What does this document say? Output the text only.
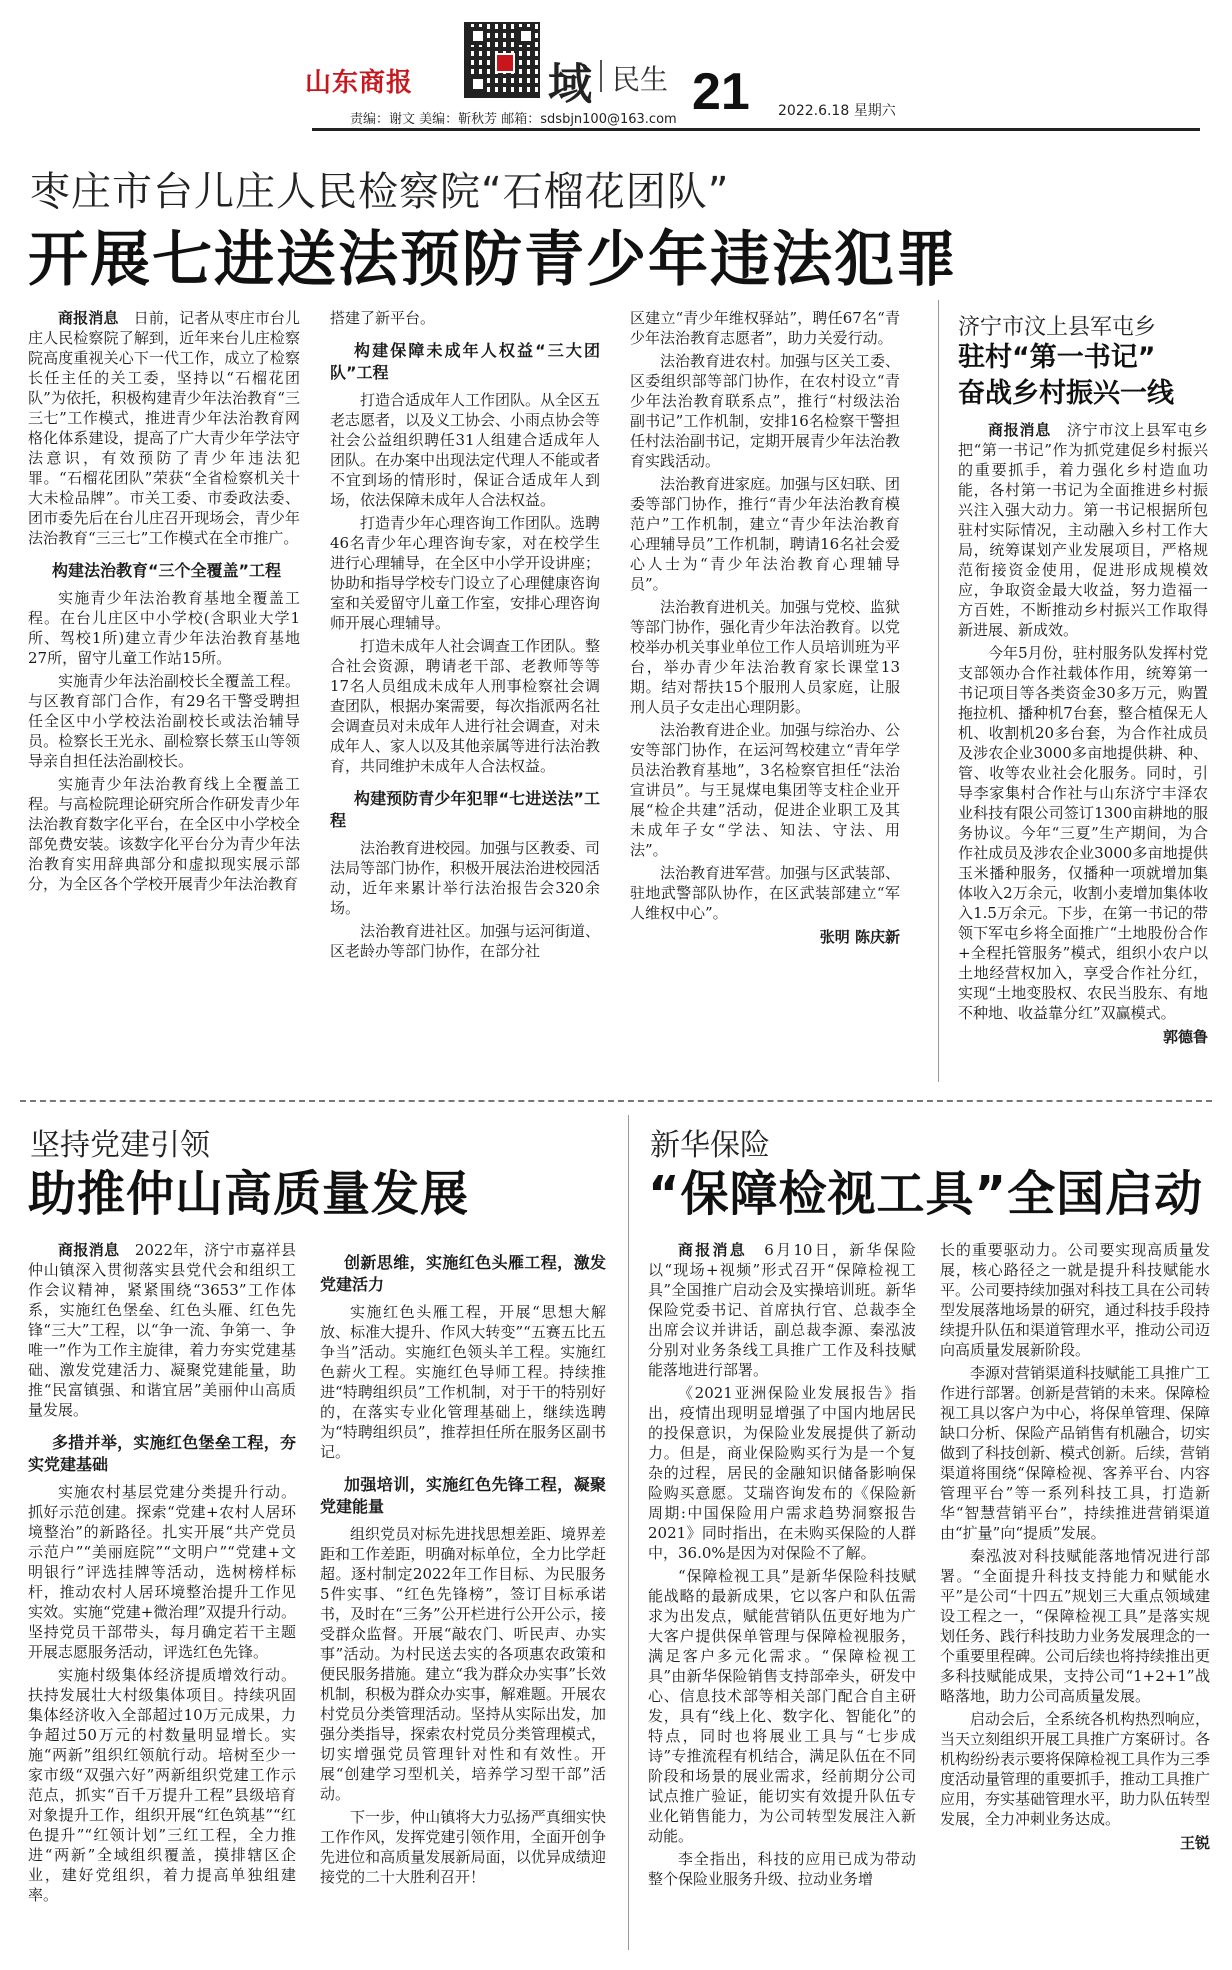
山东商报	域 民生 21 2022.6.18 星期六
责编：谢文 美编：靳秋芳 邮箱：sdsbjn100@163.com
枣庄市台儿庄人民检察院“石榴花团队”
开展七进送法预防青少年违法犯罪

商报消息　日前，记者从枣庄市台儿庄人民检察院了解到，近年来台儿庄检察院高度重视关心下一代工作，成立了检察长任主任的关工委，坚持以“石榴花团队”为依托，积极构建青少年法治教育“三三七”工作模式，推进青少年法治教育网格化体系建设，提高了广大青少年学法守法意识，有效预防了青少年违法犯罪。“石榴花团队”荣获“全省检察机关十大未检品牌”。市关工委、市委政法委、团市委先后在台儿庄召开现场会，青少年法治教育“三三七”工作模式在全市推广。

构建法治教育“三个全覆盖”工程

实施青少年法治教育基地全覆盖工程。在台儿庄区中小学校(含职业大学1所、驾校1所)建立青少年法治教育基地27所，留守儿童工作站15所。

实施青少年法治副校长全覆盖工程。与区教育部门合作，有29名干警受聘担任全区中小学校法治副校长或法治辅导员。检察长王光永、副检察长蔡玉山等领导亲自担任法治副校长。

实施青少年法治教育线上全覆盖工程。与高检院理论研究所合作研发青少年法治教育数字化平台，在全区中小学校全部免费安装。该数字化平台分为青少年法治教育实用辞典部分和虚拟现实展示部分，为全区各个学校开展青少年法治教育

搭建了新平台。

构建保障未成年人权益“三大团队”工程

打造合适成年人工作团队。从全区五老志愿者，以及义工协会、小雨点协会等社会公益组织聘任31人组建合适成年人团队。在办案中出现法定代理人不能或者不宜到场的情形时，保证合适成年人到场，依法保障未成年人合法权益。

打造青少年心理咨询工作团队。选聘46名青少年心理咨询专家，对在校学生进行心理辅导，在全区中小学开设讲座；协助和指导学校专门设立了心理健康咨询室和关爱留守儿童工作室，安排心理咨询师开展心理辅导。

打造未成年人社会调查工作团队。整合社会资源，聘请老干部、老教师等等17名人员组成未成年人刑事检察社会调查团队，根据办案需要，每次指派两名社会调查员对未成年人进行社会调查，对未成年人、家人以及其他亲属等进行法治教育，共同维护未成年人合法权益。

构建预防青少年犯罪“七进送法”工程

法治教育进校园。加强与区教委、司法局等部门协作，积极开展法治进校园活动，近年来累计举行法治报告会320余场。

法治教育进社区。加强与运河街道、区老龄办等部门协作，在部分社

区建立“青少年维权驿站”，聘任67名“青少年法治教育志愿者”，助力关爱行动。

法治教育进农村。加强与区关工委、区委组织部等部门协作，在农村设立“青少年法治教育联系点”，推行“村级法治副书记”工作机制，安排16名检察干警担任村法治副书记，定期开展青少年法治教育实践活动。

法治教育进家庭。加强与区妇联、团委等部门协作，推行“青少年法治教育模范户”工作机制，建立“青少年法治教育心理辅导员”工作机制，聘请16名社会爱心人士为“青少年法治教育心理辅导员”。

法治教育进机关。加强与党校、监狱等部门协作，强化青少年法治教育。以党校举办机关事业单位工作人员培训班为平台，举办青少年法治教育家长课堂13期。结对帮扶15个服刑人员家庭，让服刑人员子女走出心理阴影。

法治教育进企业。加强与综治办、公安等部门协作，在运河驾校建立“青年学员法治教育基地”，3名检察官担任“法治宣讲员”。与王晁煤电集团等支柱企业开展“检企共建”活动，促进企业职工及其未成年子女“学法、知法、守法、用法”。

法治教育进军营。加强与区武装部、驻地武警部队协作，在区武装部建立“军人维权中心”。

张明 陈庆新
济宁市汶上县军屯乡
驻村“第一书记”
奋战乡村振兴一线

商报消息　济宁市汶上县军屯乡把“第一书记”作为抓党建促乡村振兴的重要抓手，着力强化乡村造血功能，各村第一书记为全面推进乡村振兴注入强大动力。第一书记根据所包驻村实际情况，主动融入乡村工作大局，统筹谋划产业发展项目，严格规范衔接资金使用，促进形成规模效应，争取资金最大收益，努力造福一方百姓，不断推动乡村振兴工作取得新进展、新成效。

今年5月份，驻村服务队发挥村党支部领办合作社载体作用，统筹第一书记项目等各类资金30多万元，购置拖拉机、播种机7台套，整合植保无人机、收割机20多台套，为合作社成员及涉农企业3000多亩地提供耕、种、管、收等农业社会化服务。同时，引导李家集村合作社与山东济宁丰泽农业科技有限公司签订1300亩耕地的服务协议。今年“三夏”生产期间，为合作社成员及涉农企业3000多亩地提供玉米播种服务，仅播种一项就增加集体收入2万余元，收割小麦增加集体收入1.5万余元。下步，在第一书记的带领下军屯乡将全面推广“土地股份合作+全程托管服务”模式，组织小农户以土地经营权加入，享受合作社分红，实现“土地变股权、农民当股东、有地不种地、收益靠分红”双赢模式。

郭德鲁
坚持党建引领
助推仲山高质量发展

商报消息　2022年，济宁市嘉祥县仲山镇深入贯彻落实县党代会和组织工作会议精神，紧紧围绕“3653”工作体系，实施红色堡垒、红色头雁、红色先锋“三大”工程，以“争一流、争第一、争唯一”作为工作主旋律，着力夯实党建基础、激发党建活力、凝聚党建能量，助推“民富镇强、和谐宜居”美丽仲山高质量发展。

多措并举，实施红色堡垒工程，夯实党建基础

实施农村基层党建分类提升行动。抓好示范创建。探索“党建+农村人居环境整治”的新路径。扎实开展“共产党员示范户”“美丽庭院”“文明户”“党建+文明银行”评选挂牌等活动，选树榜样标杆，推动农村人居环境整治提升工作见实效。实施“党建+微治理”双提升行动。坚持党员干部带头，每月确定若干主题开展志愿服务活动，评选红色先锋。

实施村级集体经济提质增效行动。扶持发展壮大村级集体项目。持续巩固集体经济收入全部超过10万元成果，力争超过50万元的村数量明显增长。实施“两新”组织红领航行动。培树至少一家市级“双强六好”两新组织党建工作示范点，抓实“百千万提升工程”县级培育对象提升工作，组织开展“红色筑基”“红色提升”“红领计划”三红工程，全力推进“两新”全域组织覆盖，摸排辖区企业，建好党组织，着力提高单独组建率。

创新思维，实施红色头雁工程，激发党建活力

实施红色头雁工程，开展“思想大解放、标准大提升、作风大转变”“五赛五比五争当”活动。实施红色领头羊工程。实施红色薪火工程。实施红色导师工程。持续推进“特聘组织员”工作机制，对于干的特别好的，在落实专业化管理基础上，继续选聘为“特聘组织员”，推荐担任所在服务区副书记。

加强培训，实施红色先锋工程，凝聚党建能量

组织党员对标先进找思想差距、境界差距和工作差距，明确对标单位，全力比学赶超。逐村制定2022年工作目标、为民服务5件实事、“红色先锋榜”，签订目标承诺书，及时在“三务”公开栏进行公开公示，接受群众监督。开展“敲农门、听民声、办实事”活动。为村民送去实的各项惠农政策和便民服务措施。建立“我为群众办实事”长效机制，积极为群众办实事，解难题。开展农村党员分类管理活动。坚持从实际出发，加强分类指导，探索农村党员分类管理模式，切实增强党员管理针对性和有效性。开展“创建学习型机关，培养学习型干部”活动。

下一步，仲山镇将大力弘扬严真细实快工作作风，发挥党建引领作用，全面开创争先进位和高质量发展新局面，以优异成绩迎接党的二十大胜利召开！

新华保险
“保障检视工具”全国启动

商报消息　6月10日，新华保险以“现场+视频”形式召开“保障检视工具”全国推广启动会及实操培训班。新华保险党委书记、首席执行官、总裁李全出席会议并讲话，副总裁李源、秦泓波分别对业务条线工具推广工作及科技赋能落地进行部署。

《2021亚洲保险业发展报告》指出，疫情出现明显增强了中国内地居民的投保意识，为保险业发展提供了新动力。但是，商业保险购买行为是一个复杂的过程，居民的金融知识储备影响保险购买意愿。艾瑞咨询发布的《保险新周期:中国保险用户需求趋势洞察报告 2021》同时指出，在未购买保险的人群中，36.0%是因为对保险不了解。

“保障检视工具”是新华保险科技赋能战略的最新成果，它以客户和队伍需求为出发点，赋能营销队伍更好地为广大客户提供保单管理与保障检视服务，满足客户多元化需求。“保障检视工具”由新华保险销售支持部牵头，研发中心、信息技术部等相关部门配合自主研发，具有“线上化、数字化、智能化”的特点，同时也将展业工具与“七步成诗”专推流程有机结合，满足队伍在不同阶段和场景的展业需求，经前期分公司试点推广验证，能切实有效提升队伍专业化销售能力，为公司转型发展注入新动能。

李全指出，科技的应用已成为带动整个保险业服务升级、拉动业务增

长的重要驱动力。公司要实现高质量发展，核心路径之一就是提升科技赋能水平。公司要持续加强对科技工具在公司转型发展落地场景的研究，通过科技手段持续提升队伍和渠道管理水平，推动公司迈向高质量发展新阶段。

李源对营销渠道科技赋能工具推广工作进行部署。创新是营销的未来。保障检视工具以客户为中心，将保单管理、保障缺口分析、保险产品销售有机融合，切实做到了科技创新、模式创新。后续，营销渠道将围绕“保障检视、客养平台、内容管理平台”等一系列科技工具，打造新华“智慧营销平台”，持续推进营销渠道由“扩量”向“提质”发展。

秦泓波对科技赋能落地情况进行部署。“全面提升科技支持能力和赋能水平”是公司“十四五”规划三大重点领域建设工程之一，“保障检视工具”是落实规划任务、践行科技助力业务发展理念的一个重要里程碑。公司后续也将持续推出更多科技赋能成果，支持公司“1+2+1”战略落地，助力公司高质量发展。

启动会后，全系统各机构热烈响应，当天立刻组织开展工具推广方案研讨。各机构纷纷表示要将保障检视工具作为三季度活动量管理的重要抓手，推动工具推广应用，夯实基础管理水平，助力队伍转型发展，全力冲刺业务达成。

王锐
